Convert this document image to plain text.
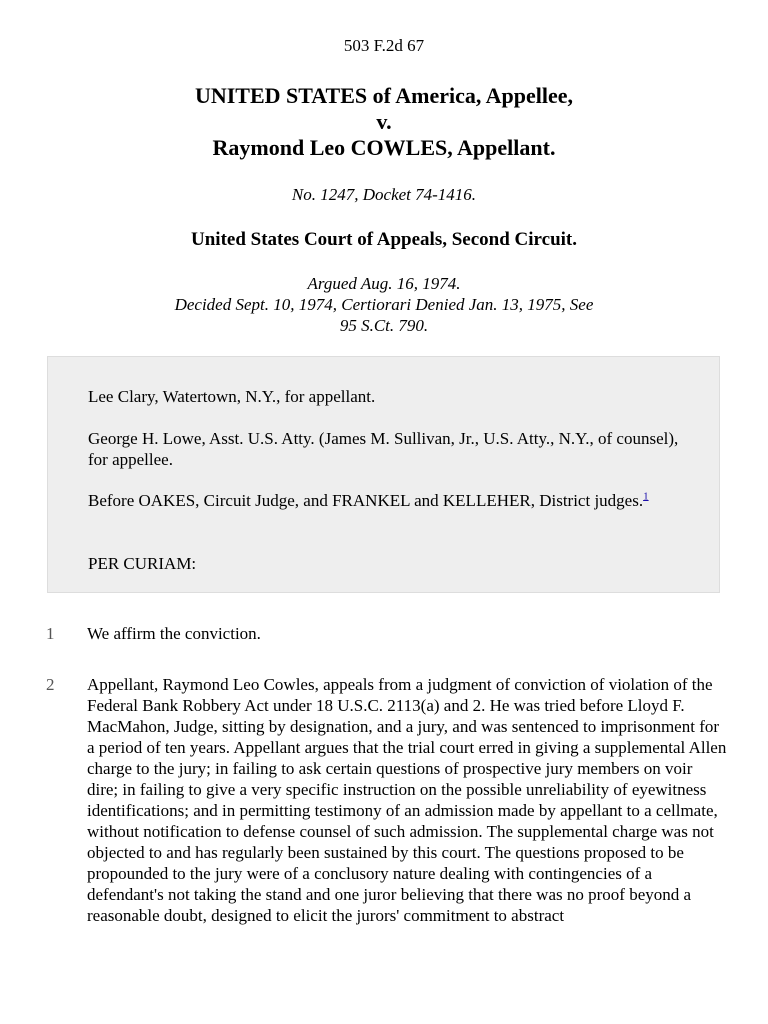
503 F.2d 67
UNITED STATES of America, Appellee,
v.
Raymond Leo COWLES, Appellant.
No. 1247, Docket 74-1416.
United States Court of Appeals, Second Circuit.
Argued Aug. 16, 1974.
Decided Sept. 10, 1974, Certiorari Denied Jan. 13, 1975, See
95 S.Ct. 790.
Lee Clary, Watertown, N.Y., for appellant.
George H. Lowe, Asst. U.S. Atty. (James M. Sullivan, Jr., U.S. Atty., N.Y., of counsel), for appellee.
Before OAKES, Circuit Judge, and FRANKEL and KELLEHER, District judges.$^1$
PER CURIAM:
1	We affirm the conviction.
2	Appellant, Raymond Leo Cowles, appeals from a judgment of conviction of violation of the Federal Bank Robbery Act under 18 U.S.C. 2113(a) and 2. He was tried before Lloyd F. MacMahon, Judge, sitting by designation, and a jury, and was sentenced to imprisonment for a period of ten years. Appellant argues that the trial court erred in giving a supplemental Allen charge to the jury; in failing to ask certain questions of prospective jury members on voir dire; in failing to give a very specific instruction on the possible unreliability of eyewitness identifications; and in permitting testimony of an admission made by appellant to a cellmate, without notification to defense counsel of such admission. The supplemental charge was not objected to and has regularly been sustained by this court. The questions proposed to be propounded to the jury were of a conclusory nature dealing with contingencies of a defendant's not taking the stand and one juror believing that there was no proof beyond a reasonable doubt, designed to elicit the jurors' commitment to abstract
